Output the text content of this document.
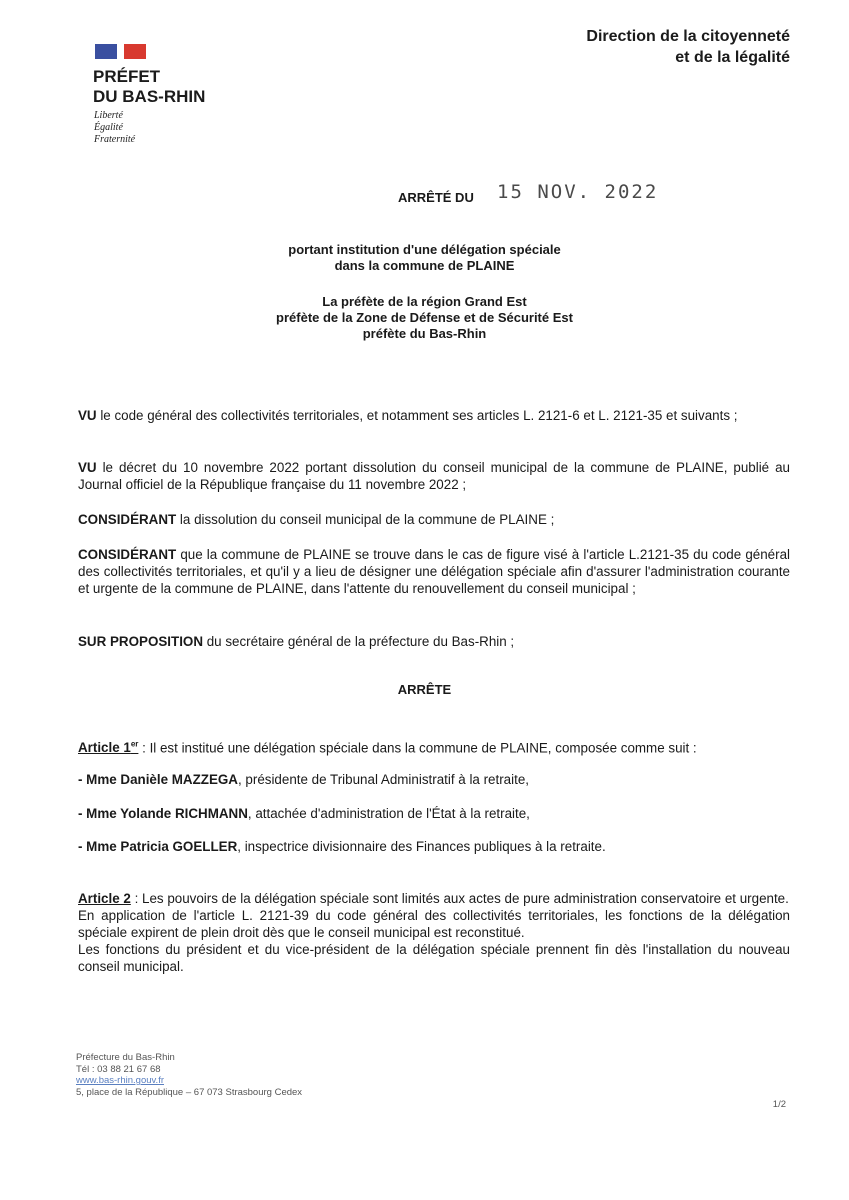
PRÉFET
DU BAS-RHIN
Liberté
Égalité
Fraternité
Direction de la citoyenneté
et de la légalité
ARRÊTÉ DU 15 NOV. 2022
portant institution d'une délégation spéciale
dans la commune de PLAINE
La préfète de la région Grand Est
préfète de la Zone de Défense et de Sécurité Est
préfète du Bas-Rhin
VU le code général des collectivités territoriales, et notamment ses articles L. 2121-6 et L. 2121-35 et suivants ;
VU le décret du 10 novembre 2022 portant dissolution du conseil municipal de la commune de PLAINE, publié au Journal officiel de la République française du 11 novembre 2022 ;
CONSIDÉRANT la dissolution du conseil municipal de la commune de PLAINE ;
CONSIDÉRANT que la commune de PLAINE se trouve dans le cas de figure visé à l'article L.2121-35 du code général des collectivités territoriales, et qu'il y a lieu de désigner une délégation spéciale afin d'assurer l'administration courante et urgente de la commune de PLAINE, dans l'attente du renouvellement du conseil municipal ;
SUR PROPOSITION du secrétaire général de la préfecture du Bas-Rhin ;
ARRÊTE
Article 1er : Il est institué une délégation spéciale dans la commune de PLAINE, composée comme suit :
- Mme Danièle MAZZEGA, présidente de Tribunal Administratif à la retraite,
- Mme Yolande RICHMANN, attachée d'administration de l'État à la retraite,
- Mme Patricia GOELLER, inspectrice divisionnaire des Finances publiques à la retraite.
Article 2 : Les pouvoirs de la délégation spéciale sont limités aux actes de pure administration conservatoire et urgente.
En application de l'article L. 2121-39 du code général des collectivités territoriales, les fonctions de la délégation spéciale expirent de plein droit dès que le conseil municipal est reconstitué.
Les fonctions du président et du vice-président de la délégation spéciale prennent fin dès l'installation du nouveau conseil municipal.
Préfecture du Bas-Rhin
Tél : 03 88 21 67 68
www.bas-rhin.gouv.fr
5, place de la République – 67 073 Strasbourg Cedex
1/2
